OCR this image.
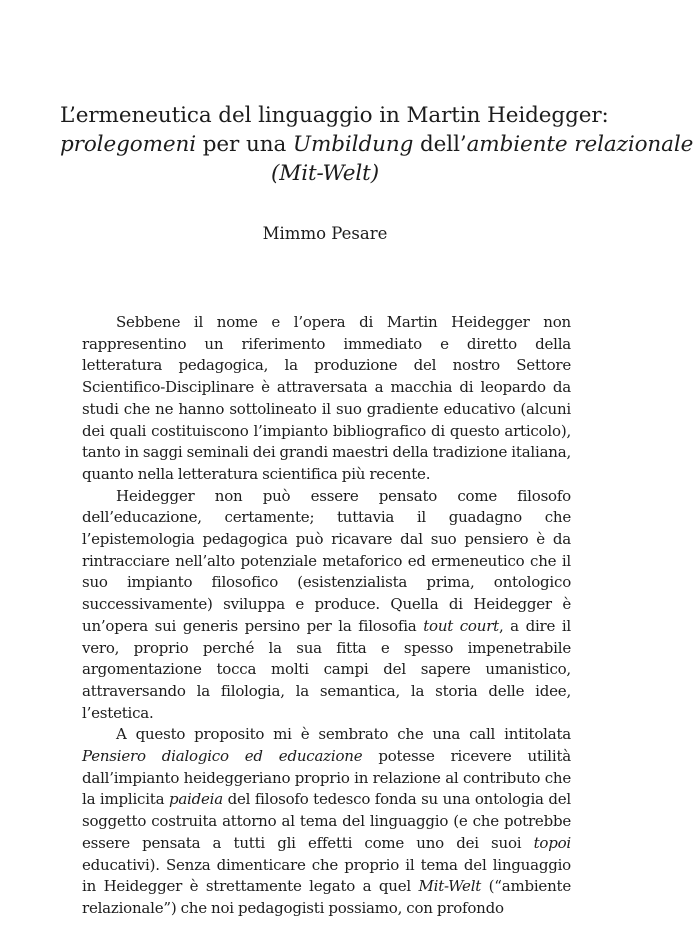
L’ermeneutica del linguaggio in Martin Heidegger:
prolegomeni per una Umbildung dell’ambiente relazionale
(Mit-Welt)
Mimmo Pesare

Sebbene il nome e l’opera di Martin Heidegger non rappresentino un riferimento immediato e diretto della letteratura pedagogica, la produzione del nostro Settore Scientifico-Disciplinare è attraversata a macchia di leopardo da studi che ne hanno sottolineato il suo gradiente educativo (alcuni dei quali costituiscono l’impianto bibliografico di questo articolo), tanto in saggi seminali dei grandi maestri della tradizione italiana, quanto nella letteratura scientifica più recente.

Heidegger non può essere pensato come filosofo dell’educazione, certamente; tuttavia il guadagno che l’epistemologia pedagogica può ricavare dal suo pensiero è da rintracciare nell’alto potenziale metaforico ed ermeneutico che il suo impianto filosofico (esistenzialista prima, ontologico successivamente) sviluppa e produce. Quella di Heidegger è un’opera sui generis persino per la filosofia tout court, a dire il vero, proprio perché la sua fitta e spesso impenetrabile argomentazione tocca molti campi del sapere umanistico, attraversando la filologia, la semantica, la storia delle idee, l’estetica.

A questo proposito mi è sembrato che una call intitolata Pensiero dialogico ed educazione potesse ricevere utilità dall’impianto heideggeriano proprio in relazione al contributo che la implicita paideia del filosofo tedesco fonda su una ontologia del soggetto costruita attorno al tema del linguaggio (e che potrebbe essere pensata a tutti gli effetti come uno dei suoi topoi educativi). Senza dimenticare che proprio il tema del linguaggio in Heidegger è strettamente legato a quel Mit-Welt (“ambiente relazionale”) che noi pedagogisti possiamo, con profondo
